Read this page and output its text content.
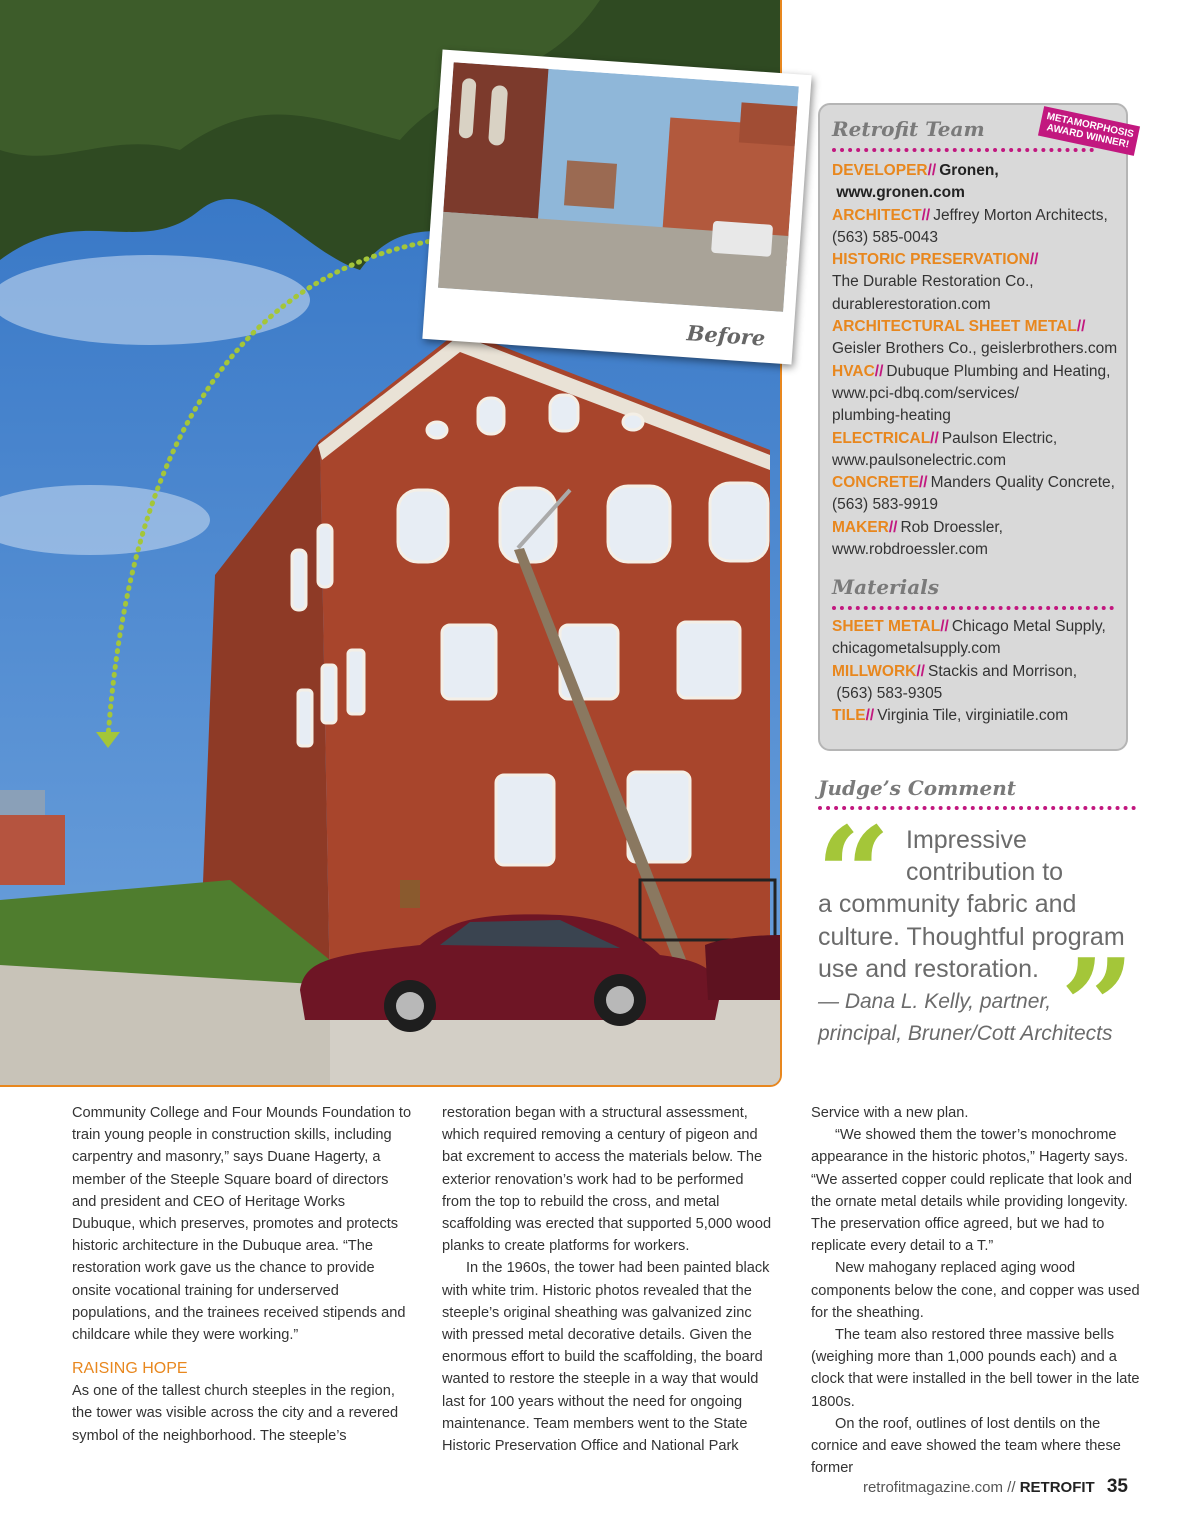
Before
Retrofit Team
DEVELOPER// Gronen,
www.gronen.com
ARCHITECT// Jeffrey Morton Architects,
(563) 585-0043
HISTORIC PRESERVATION//
The Durable Restoration Co.,
durablerestoration.com
ARCHITECTURAL SHEET METAL//
Geisler Brothers Co., geislerbrothers.com
HVAC// Dubuque Plumbing and Heating,
www.pci-dbq.com/services/
plumbing-heating
ELECTRICAL// Paulson Electric,
www.paulsonelectric.com
CONCRETE// Manders Quality Concrete,
(563) 583-9919
MAKER// Rob Droessler,
www.robdroessler.com
Materials
SHEET METAL// Chicago Metal Supply,
chicagometalsupply.com
MILLWORK// Stackis and Morrison,
(563) 583-9305
TILE// Virginia Tile, virginiatile.com
METAMORPHOSIS AWARD WINNER!
Judge’s Comment
“
”

Impressive

contribution to

a community fabric and

culture. Thoughtful program

use and restoration.

— Dana L. Kelly, partner,
principal, Bruner/Cott Architects

Community College and Four Mounds Foundation to train young people in construction skills, including carpentry and masonry,” says Duane Hagerty, a member of the Steeple Square board of directors and president and CEO of Heritage Works Dubuque, which preserves, promotes and protects historic architecture in the Dubuque area. “The restoration work gave us the chance to provide onsite vocational training for underserved populations, and the trainees received stipends and childcare while they were working.”

RAISING HOPE

As one of the tallest church steeples in the region, the tower was visible across the city and a revered symbol of the neighborhood. The steeple’s

restoration began with a structural assessment, which required removing a century of pigeon and bat excrement to access the materials below. The exterior renovation’s work had to be performed from the top to rebuild the cross, and metal scaffolding was erected that supported 5,000 wood planks to create platforms for workers.

In the 1960s, the tower had been painted black with white trim. Historic photos revealed that the steeple’s original sheathing was galvanized zinc with pressed metal decorative details. Given the enormous effort to build the scaffolding, the board wanted to restore the steeple in a way that would last for 100 years without the need for ongoing maintenance. Team members went to the State Historic Preservation Office and National Park

Service with a new plan.

“We showed them the tower’s monochrome appearance in the historic photos,” Hagerty says. “We asserted copper could replicate that look and the ornate metal details while providing longevity. The preservation office agreed, but we had to replicate every detail to a T.”

New mahogany replaced aging wood components below the cone, and copper was used for the sheathing.

The team also restored three massive bells (weighing more than 1,000 pounds each) and a clock that were installed in the bell tower in the late 1800s.

On the roof, outlines of lost dentils on the cornice and eave showed the team where these former

retrofitmagazine.com // RETROFIT 35
